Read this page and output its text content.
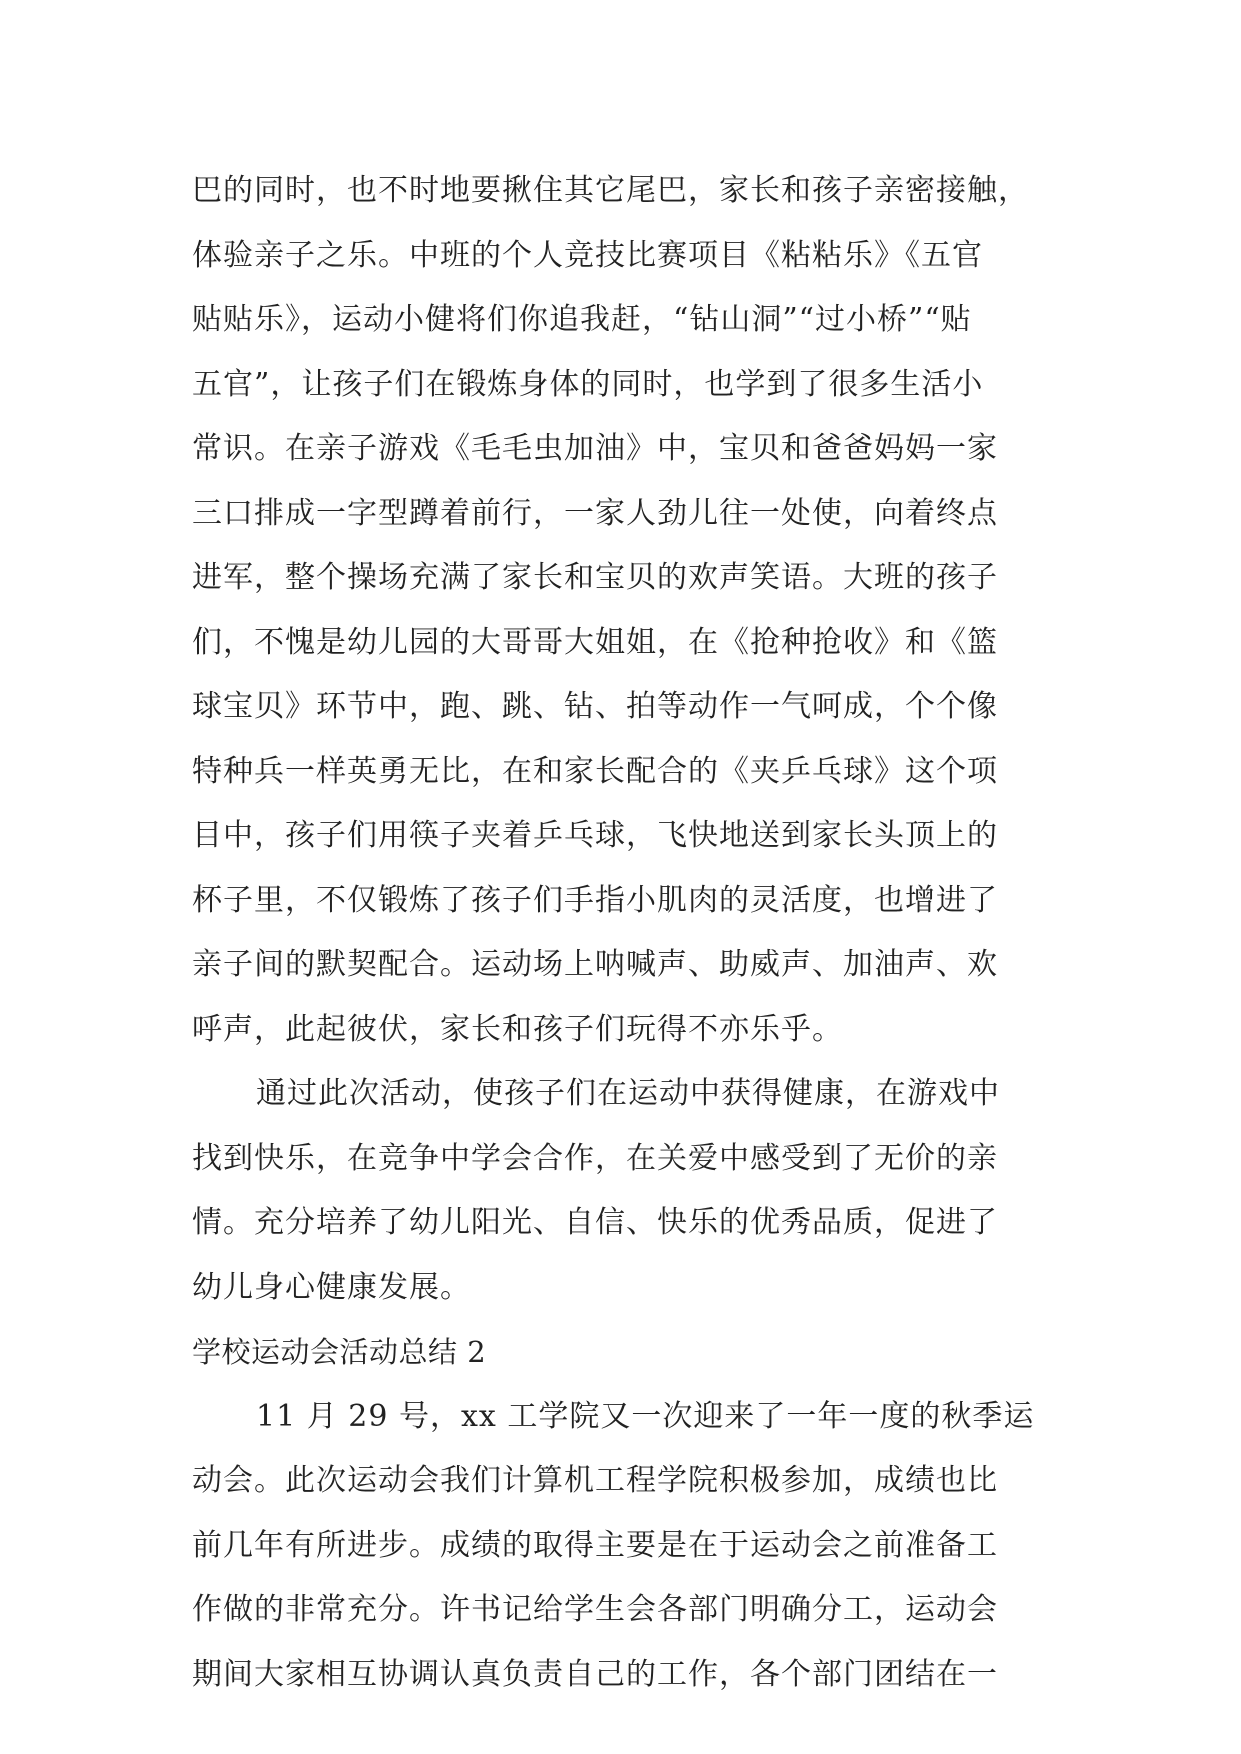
巴的同时，也不时地要揪住其它尾巴，家长和孩子亲密接触，
体验亲子之乐。中班的个人竞技比赛项目《粘粘乐》《五官
贴贴乐》，运动小健将们你追我赶，“钻山洞”“过小桥”“贴
五官”，让孩子们在锻炼身体的同时，也学到了很多生活小
常识。在亲子游戏《毛毛虫加油》中，宝贝和爸爸妈妈一家
三口排成一字型蹲着前行，一家人劲儿往一处使，向着终点
进军，整个操场充满了家长和宝贝的欢声笑语。大班的孩子
们，不愧是幼儿园的大哥哥大姐姐，在《抢种抢收》和《篮
球宝贝》环节中，跑、跳、钻、拍等动作一气呵成，个个像
特种兵一样英勇无比，在和家长配合的《夹乒乓球》这个项
目中，孩子们用筷子夹着乒乓球，飞快地送到家长头顶上的
杯子里，不仅锻炼了孩子们手指小肌肉的灵活度，也增进了
亲子间的默契配合。运动场上呐喊声、助威声、加油声、欢
呼声，此起彼伏，家长和孩子们玩得不亦乐乎。
通过此次活动，使孩子们在运动中获得健康，在游戏中
找到快乐，在竞争中学会合作，在关爱中感受到了无价的亲
情。充分培养了幼儿阳光、自信、快乐的优秀品质，促进了
幼儿身心健康发展。
学校运动会活动总结 2
11 月 29 号，xx 工学院又一次迎来了一年一度的秋季运
动会。此次运动会我们计算机工程学院积极参加，成绩也比
前几年有所进步。成绩的取得主要是在于运动会之前准备工
作做的非常充分。许书记给学生会各部门明确分工，运动会
期间大家相互协调认真负责自己的工作，各个部门团结在一
